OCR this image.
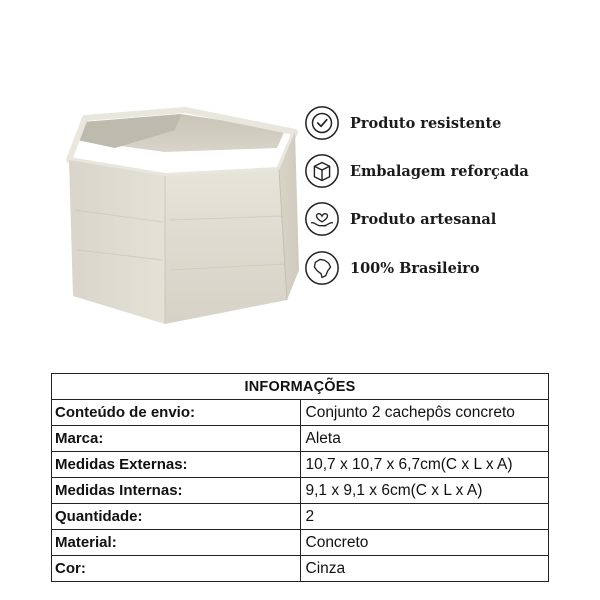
Produto resistente
Embalagem reforçada
Produto artesanal
100% Brasileiro
INFORMAÇÕES	
Conteúdo de envio:	Conjunto 2 cachepôs concreto
Marca:	Aleta
Medidas Externas:	10,7 x 10,7 x 6,7cm(C x L x A)
Medidas Internas:	9,1 x 9,1 x 6cm(C x L x A)
Quantidade:	2
Material:	Concreto
Cor:	Cinza
